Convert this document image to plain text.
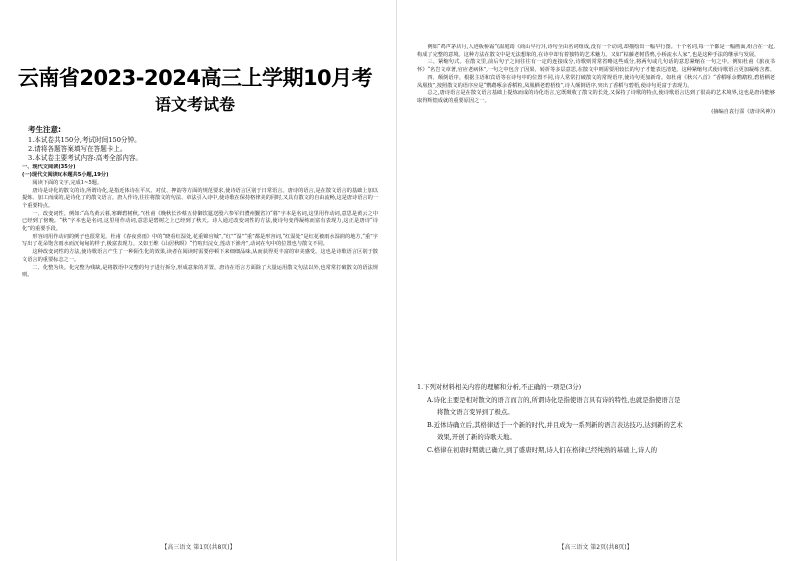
云南省2023-2024高三上学期10月考
语文考试卷
考生注意:
1.本试卷共150分,考试时间150分钟。
2.请将各题答案填写在答题卡上。
3.本试卷主要考试内容:高考全部内容。

一、现代文阅读(35分)

(一)现代文阅读Ⅰ(本题共5小题,19分)

阅读下面的文字,完成1~5题。

唐诗是诗化的散文的诗,所谓诗化,是指近体诗在平仄、对仗、押韵等方面的规范要求,使诗语言区别于日常语言。唐诗的语言,是在散文语言的基础上加以提炼、加工而成的,是诗化了的散文语言。唐人作诗,往往将散文的句法、章法引入诗中,使诗歌在保持格律美的同时,又具有散文的自由流畅,这是唐诗语言的一个重要特点。

一、改变词性。例如:“高鸟黄云暮,寒蝉碧树秋。”(杜甫《晚秋长沙蔡五侍御饮筵送殷六参军归澧州觐省》)“暮”字本是名词,这里用作动词,意思是黄云之中已经到了傍晚。“秋”字本也是名词,这里用作动词,意思是碧树之上已经到了秋天。诗人通过改变词性的方法,使诗句变得凝练而富有表现力,这正是唐诗“诗化”的重要手段。

形容词用作动词的例子也很常见。杜甫《春夜喜雨》中的“晓看红湿处,花重锦官城”,“红”“湿”“重”都是形容词,“红湿处”是红花被雨水湿润的地方,“重”字写出了花朵饱含雨水而沉甸甸的样子,极富表现力。又如王维《山居秋暝》“竹喧归浣女,莲动下渔舟”,动词在句中的位置也与散文不同。

这种改变词性的方法,使诗歌语言产生了一种陌生化的效果,读者在阅读时需要停顿下来细细品味,从而获得更丰富的审美感受。这也是诗歌语言区别于散文语言的重要标志之一。

二、化整为块。化完整为残缺,是将散语中完整的句子进行拆分,形成意象的并置。唐诗在语言方面除了大量运用散文句法以外,也常常打破散文的语法规则。

【高三语文 第1页(共8页)】

例如“鸡声茅店月,人迹板桥霜”(温庭筠《商山早行》),诗句全由名词组成,没有一个动词,却描绘出一幅早行图。十个名词,每一个都是一幅画面,组合在一起,构成了完整的意境。这种方法在散文中是无法想象的,在诗中却有着独特的艺术魅力。又如“枯藤老树昏鸦,小桥流水人家”,也是这种手法的继承与发展。

三、紧缩句式。在散文里,前后句子之间往往有一定的连接成分,诗歌则常常省略这些成分,将两句或几句话的意思紧缩在一句之中。例如杜甫《旅夜书怀》“名岂文章著,官应老病休”,一句之中包含了因果、转折等多层意思,在散文中则需要用较长的句子才能表达清楚。这种紧缩句式使诗歌语言更加凝练含蓄。

四、颠倒语序。根据主语和宾语等在诗句中的位置不同,诗人常常打破散文的常规语序,使诗句更加新奇。如杜甫《秋兴八首》“香稻啄余鹦鹉粒,碧梧栖老凤凰枝”,按照散文的语序应是“鹦鹉啄余香稻粒,凤凰栖老碧梧枝”,诗人颠倒语序,突出了香稻与碧梧,使诗句更富于表现力。

总之,唐诗语言是在散文语言基础上提炼而成的诗化语言,它既吸收了散文的长处,又保持了诗歌的特点,使诗歌语言达到了很高的艺术境界,这也是唐诗能够取得辉煌成就的重要原因之一。

(摘编自袁行霈《唐诗风神》)

1.下列对材料相关内容的理解和分析,不正确的一项是(3分)

A.诗化主要是相对散文的语言而言的,所谓诗化是指使语言具有诗的特性,也就是指使语言是

将散文语言变异到了极点。

B.近体诗确立后,其格律适于一个新的时代,并且成为一系列新的语言表达技巧,达到新的艺术

效果,开创了新的诗歌天地。

C.格律在初唐时期就已确立,到了盛唐时期,诗人们在格律已经纯熟的基础上,诗人的

【高三语文 第2页(共8页)】
